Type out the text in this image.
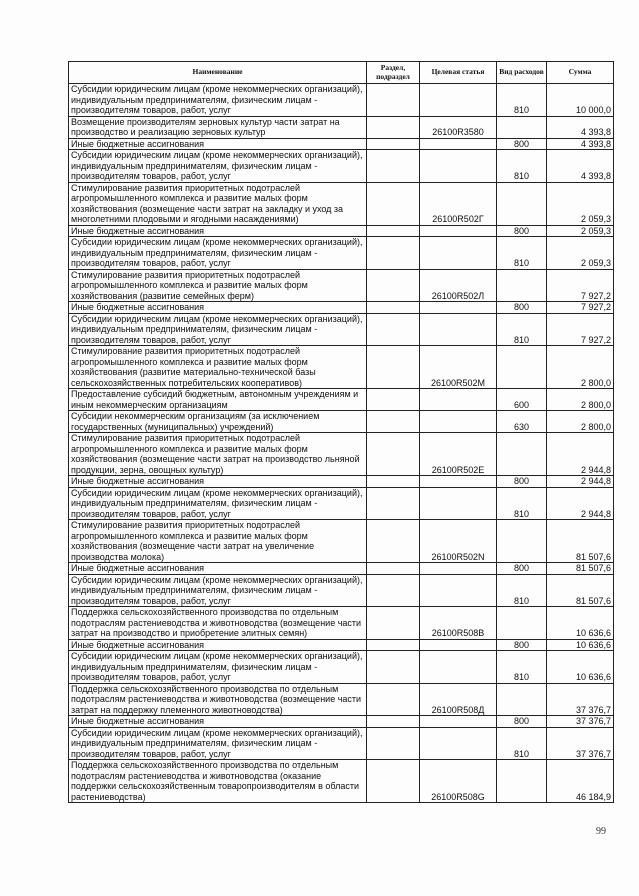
Наименование	Раздел, подраздел	Целевая статья	Вид расходов	Сумма
Субсидии юридическим лицам (кроме некоммерческих организаций), индивидуальным предпринимателям, физическим лицам - производителям товаров, работ, услуг			810	10 000,0
Возмещение производителям зерновых культур части затрат на производство и реализацию зерновых культур		26100R3580		4 393,8
Иные бюджетные ассигнования			800	4 393,8
Субсидии юридическим лицам (кроме некоммерческих организаций), индивидуальным предпринимателям, физическим лицам - производителям товаров, работ, услуг			810	4 393,8
Стимулирование развития приоритетных подотраслей агропромышленного комплекса и развитие малых форм хозяйствования (возмещение части затрат на закладку и уход за многолетними плодовыми и ягодными насаждениями)		26100R502Г		2 059,3
Иные бюджетные ассигнования			800	2 059,3
Субсидии юридическим лицам (кроме некоммерческих организаций), индивидуальным предпринимателям, физическим лицам - производителям товаров, работ, услуг			810	2 059,3
Стимулирование развития приоритетных подотраслей агропромышленного комплекса и развитие малых форм хозяйствования (развитие семейных ферм)		26100R502Л		7 927,2
Иные бюджетные ассигнования			800	7 927,2
Субсидии юридическим лицам (кроме некоммерческих организаций), индивидуальным предпринимателям, физическим лицам - производителям товаров, работ, услуг			810	7 927,2
Стимулирование развития приоритетных подотраслей агропромышленного комплекса и развитие малых форм хозяйствования (развитие материально-технической базы сельскохозяйственных потребительских кооперативов)		26100R502М		2 800,0
Предоставление субсидий бюджетным, автономным учреждениям и иным некоммерческим организациям			600	2 800,0
Субсидии некоммерческим организациям (за исключением государственных (муниципальных) учреждений)			630	2 800,0
Стимулирование развития приоритетных подотраслей агропромышленного комплекса и развитие малых форм хозяйствования (возмещение части затрат на производство льняной продукции, зерна, овощных культур)		26100R502E		2 944,8
Иные бюджетные ассигнования			800	2 944,8
Субсидии юридическим лицам (кроме некоммерческих организаций), индивидуальным предпринимателям, физическим лицам - производителям товаров, работ, услуг			810	2 944,8
Стимулирование развития приоритетных подотраслей агропромышленного комплекса и развитие малых форм хозяйствования (возмещение части затрат на увеличение производства молока)		26100R502N		81 507,6
Иные бюджетные ассигнования			800	81 507,6
Субсидии юридическим лицам (кроме некоммерческих организаций), индивидуальным предпринимателям, физическим лицам - производителям товаров, работ, услуг			810	81 507,6
Поддержка сельскохозяйственного производства по отдельным подотраслям растениеводства и животноводства (возмещение части затрат на производство и приобретение элитных семян)		26100R508B		10 636,6
Иные бюджетные ассигнования			800	10 636,6
Субсидии юридическим лицам (кроме некоммерческих организаций), индивидуальным предпринимателям, физическим лицам - производителям товаров, работ, услуг			810	10 636,6
Поддержка сельскохозяйственного производства по отдельным подотраслям растениеводства и животноводства (возмещение части затрат на поддержку племенного животноводства)		26100R508Д		37 376,7
Иные бюджетные ассигнования			800	37 376,7
Субсидии юридическим лицам (кроме некоммерческих организаций), индивидуальным предпринимателям, физическим лицам - производителям товаров, работ, услуг			810	37 376,7
Поддержка сельскохозяйственного производства по отдельным подотраслям растениеводства и животноводства (оказание поддержки сельскохозяйственным товаропроизводителям в области растениеводства)		26100R508G		46 184,9
99
